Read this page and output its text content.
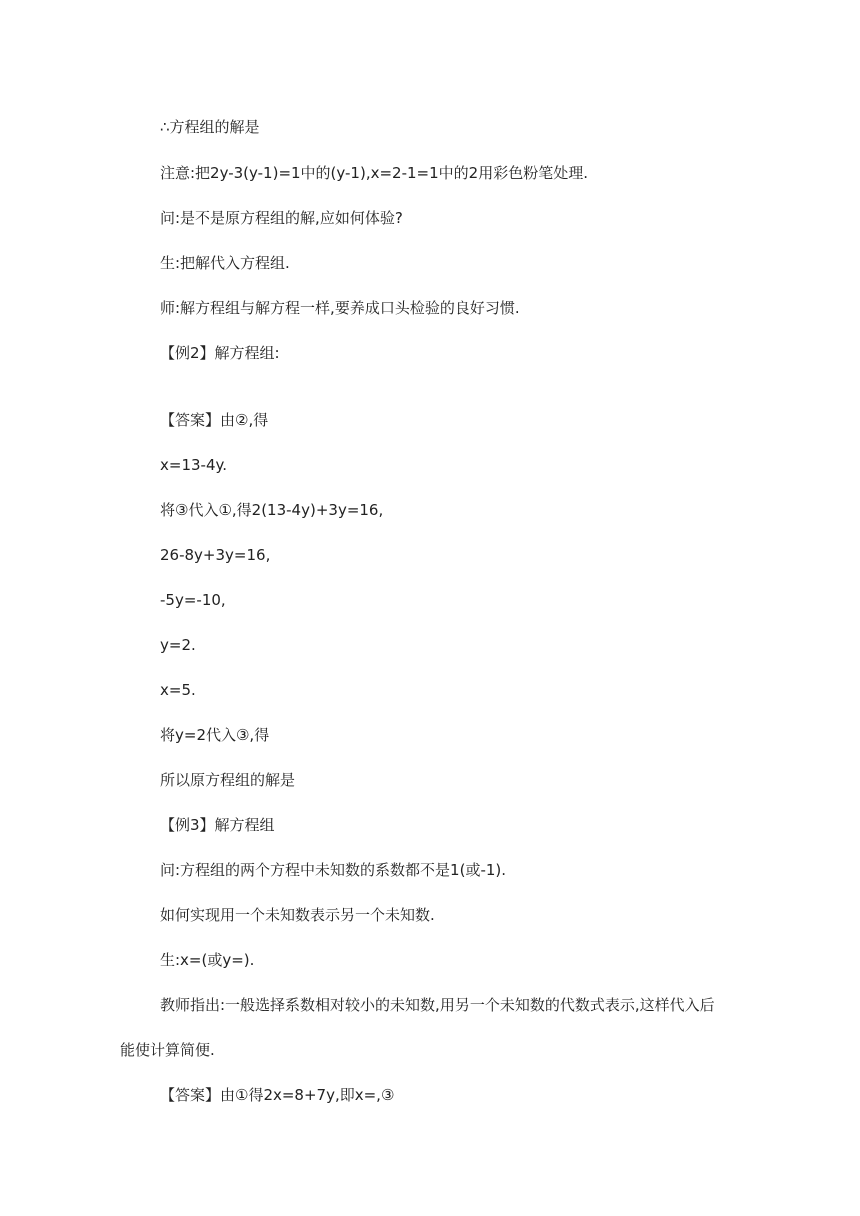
∴方程组的解是
注意:把2y-3(y-1)=1中的(y-1),x=2-1=1中的2用彩色粉笔处理.
问:是不是原方程组的解,应如何体验?
生:把解代入方程组.
师:解方程组与解方程一样,要养成口头检验的良好习惯.
【例2】解方程组:
【答案】由②,得
x=13-4y.
将③代入①,得2(13-4y)+3y=16,
26-8y+3y=16,
-5y=-10,
y=2.
x=5.
将y=2代入③,得
所以原方程组的解是
【例3】解方程组
问:方程组的两个方程中未知数的系数都不是1(或-1).
如何实现用一个未知数表示另一个未知数.
生:x=(或y=).
教师指出:一般选择系数相对较小的未知数,用另一个未知数的代数式表示,这样代入后
能使计算简便.
【答案】由①得2x=8+7y,即x=,③
